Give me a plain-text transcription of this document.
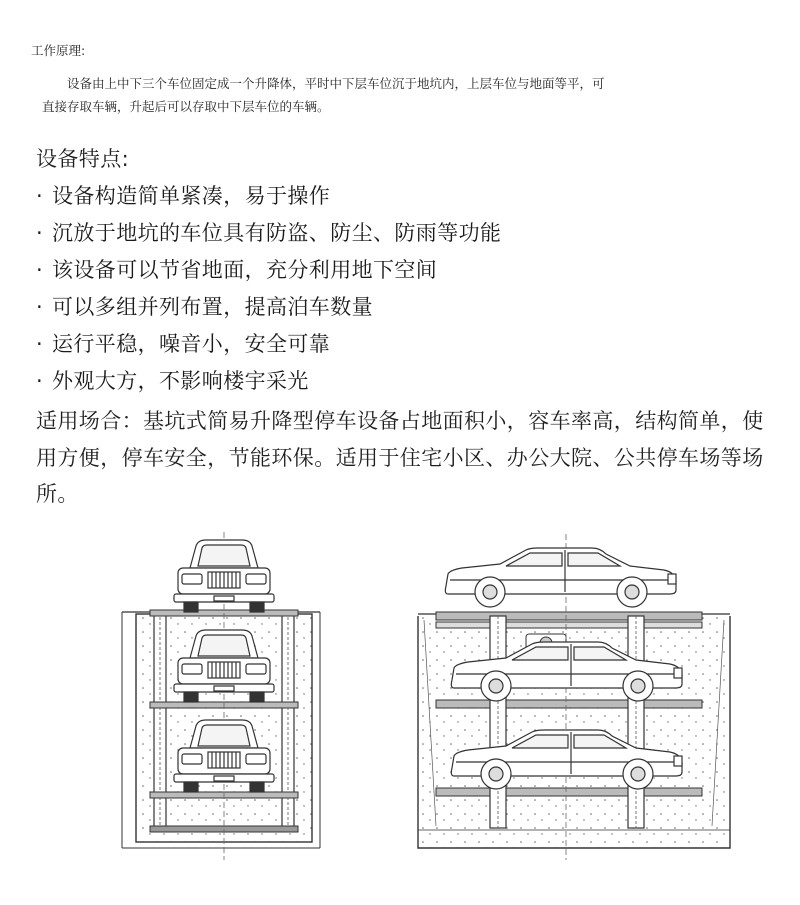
工作原理:
设备由上中下三个车位固定成一个升降体，平时中下层车位沉于地坑内，上层车位与地面等平，可
直接存取车辆，升起后可以存取中下层车位的车辆。
设备特点:
· 设备构造简单紧凑，易于操作
· 沉放于地坑的车位具有防盗、防尘、防雨等功能
· 该设备可以节省地面，充分利用地下空间
· 可以多组并列布置，提高泊车数量
· 运行平稳，噪音小，安全可靠
· 外观大方，不影响楼宇采光
适用场合：基坑式简易升降型停车设备占地面积小，容车率高，结构简单，使用方便，停车安全，节能环保。适用于住宅小区、办公大院、公共停车场等场所。
